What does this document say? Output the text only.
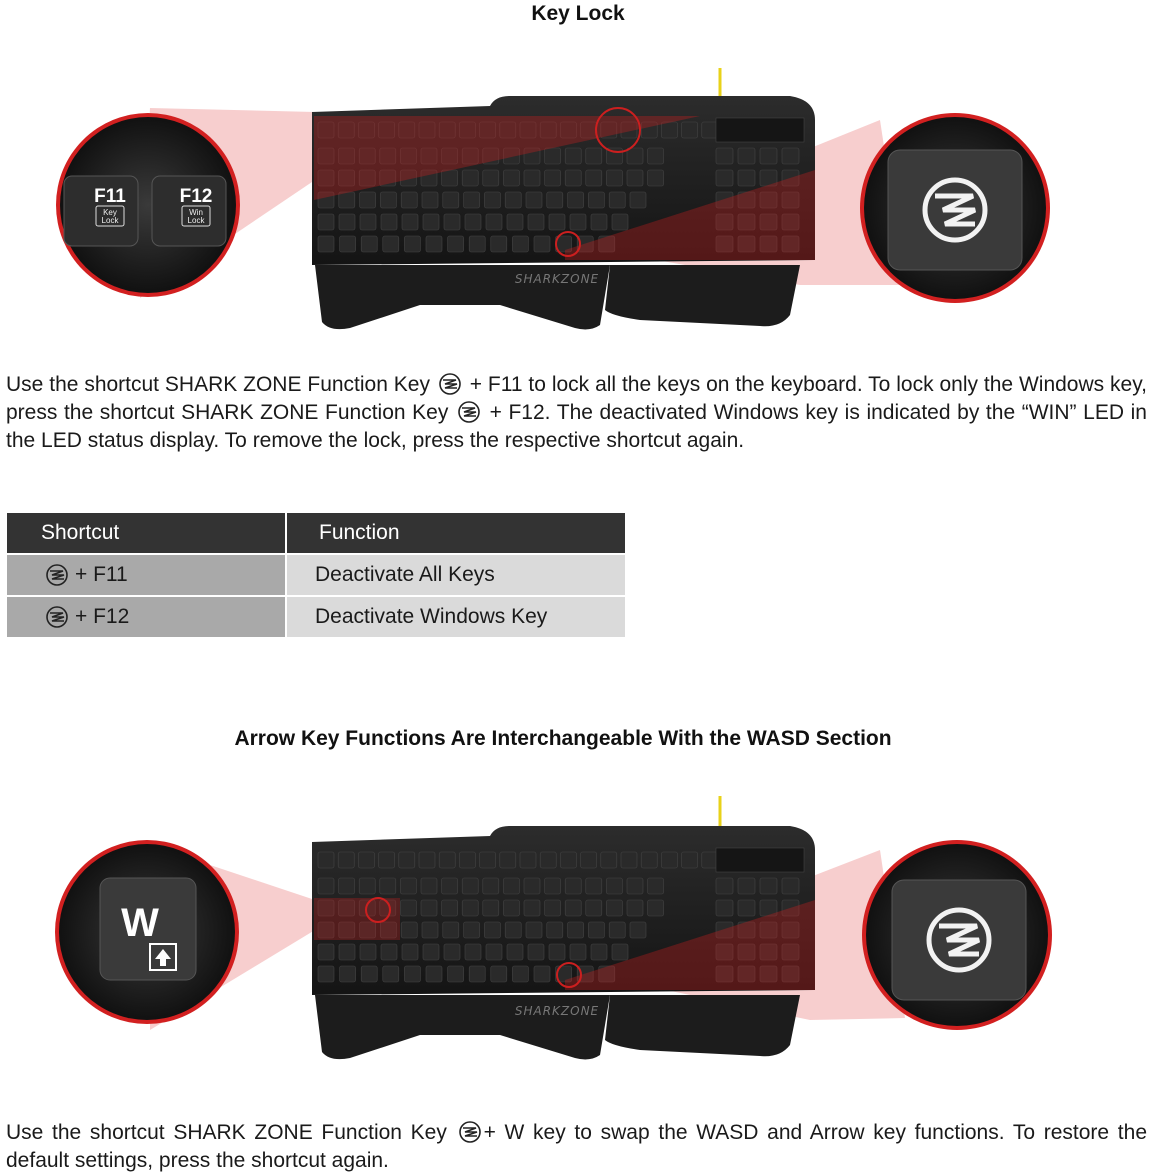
Key Lock
SHARKZONE
F11
Key
Lock
F12
Win
Lock

Use the shortcut SHARK ZONE Function Key
+ F11 to lock all the keys on the keyboard. To lock only the Windows key, press the shortcut SHARK ZONE Function Key
+ F12. The deactivated Windows key is indicated by the “WIN” LED in the LED status display. To remove the lock, press the respective shortcut again.

Shortcut		Function

+ F11		Deactivate All Keys

+ F12		Deactivate Windows Key
Arrow Key Functions Are Interchangeable With the WASD Section
SHARKZONE
W

Use the shortcut SHARK ZONE Function Key
+ W key to swap the WASD and Arrow key functions. To restore the default settings, press the shortcut again.
